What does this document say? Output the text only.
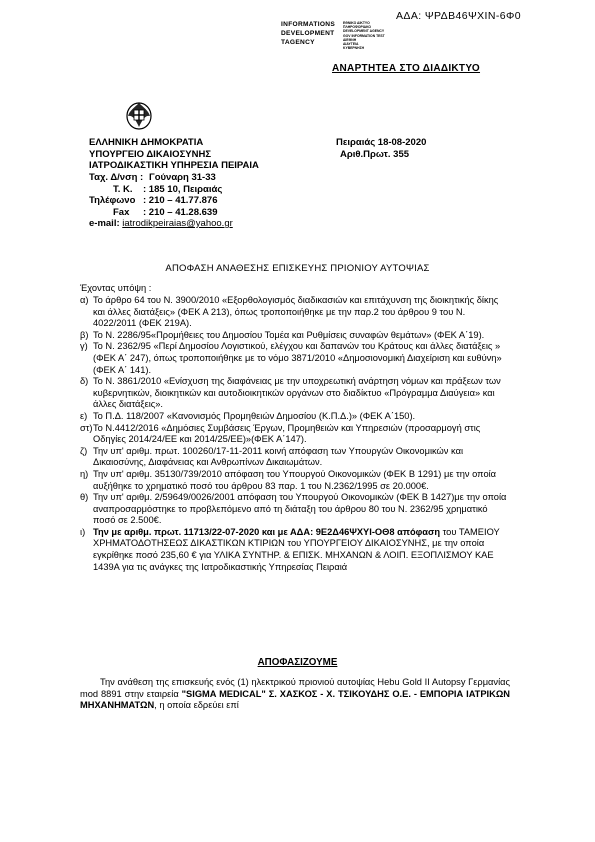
ΑΔΑ: ΨΡΔΒ46ΨΧΙΝ-6Φ0
INFORMATIONS
DEVELOPMENT
TAGENCY
ΕΘΝΙΚΟ ΔΙΚΤΥΟ
ΠΛΗΡΟΦΟΡΙΑΚΟ
DEVELOPMENT AGENCY
GOV INFORMATION TEST
ΔΙΕΘΝΗ
ΔΙΑΥΓΕΙΑ
ΚΥΒΕΡΝΗΣΗ
ΑΝΑΡΤΗΤΕΑ ΣΤΟ ΔΙΑΔΙΚΤΥΟ
ΕΛΛΗΝΙΚΗ ΔΗΜΟΚΡΑΤΙΑ
ΥΠΟΥΡΓΕΙΟ ΔΙΚΑΙΟΣΥΝΗΣ
ΙΑΤΡΟΔΙΚΑΣΤΙΚΗ ΥΠΗΡΕΣΙΑ ΠΕΙΡΑΙΑ
Πειραιάς 18-08-2020
Αριθ.Πρωτ. 355
Ταχ. Δ/νση : Γούναρη 31-33
Τ. Κ. : 185 10, Πειραιάς
Τηλέφωνο : 210 – 41.77.876
Fax : 210 – 41.28.639
e-mail: iatrodikpeiraias@yahoo.gr
ΑΠΟΦΑΣΗ ΑΝΑΘΕΣΗΣ ΕΠΙΣΚΕΥΗΣ ΠΡΙΟΝΙΟΥ ΑΥΤΟΨΙΑΣ
Έχοντας υπόψη :
α) Το άρθρο 64 του Ν. 3900/2010 «Εξορθολογισμός διαδικασιών και επιτάχυνση της διοικητικής δίκης και άλλες διατάξεις» (ΦΕΚ Α 213), όπως τροποποιήθηκε με την παρ.2 του άρθρου 9 του Ν. 4022/2011 (ΦΕΚ 219Α).
β) Το Ν. 2286/95«Προμήθειες του Δημοσίου Τομέα και Ρυθμίσεις συναφών θεμάτων» (ΦΕΚ Α΄19).
γ) Το Ν. 2362/95 «Περί Δημοσίου Λογιστικού, ελέγχου και δαπανών του Κράτους και άλλες διατάξεις » (ΦΕΚ Α΄ 247), όπως τροποποιήθηκε με το νόμο 3871/2010 «Δημοσιονομική Διαχείριση και ευθύνη» (ΦΕΚ Α΄ 141).
δ) Το Ν. 3861/2010 «Ενίσχυση της διαφάνειας με την υποχρεωτική ανάρτηση νόμων και πράξεων των κυβερνητικών, διοικητικών και αυτοδιοικητικών οργάνων στο διαδίκτυο «Πρόγραμμα Διαύγεια» και άλλες διατάξεις».
ε) Το Π.Δ. 118/2007 «Κανονισμός Προμηθειών Δημοσίου (Κ.Π.Δ.)» (ΦΕΚ Α΄150).
στ) Το Ν.4412/2016 «Δημόσιες Συμβάσεις Έργων, Προμηθειών και Υπηρεσιών (προσαρμογή στις Οδηγίες 2014/24/ΕΕ και 2014/25/ΕΕ)»(ΦΕΚ Α΄147).
ζ) Την υπ' αριθμ. πρωτ. 100260/17-11-2011 κοινή απόφαση των Υπουργών Οικονομικών και Δικαιοσύνης, Διαφάνειας και Ανθρωπίνων Δικαιωμάτων.
η) Την υπ' αριθμ. 35130/739/2010 απόφαση του Υπουργού Οικονομικών (ΦΕΚ Β 1291) με την οποία αυξήθηκε το χρηματικό ποσό του άρθρου 83 παρ. 1 του Ν.2362/1995 σε 20.000€.
θ) Την υπ' αριθμ. 2/59649/0026/2001 απόφαση του Υπουργού Οικονομικών (ΦΕΚ Β 1427)με την οποία αναπροσαρμόστηκε το προβλεπόμενο από τη διάταξη του άρθρου 80 του Ν. 2362/95 χρηματικό ποσό σε 2.500€.
ι) Την με αριθμ. πρωτ. 11713/22-07-2020 και με ΑΔΑ: 9Ε2Δ46ΨΧΥΙ-ΟΘ8 απόφαση του ΤΑΜΕΙΟΥ ΧΡΗΜΑΤΟΔΟΤΗΣΕΩΣ ΔΙΚΑΣΤΙΚΩΝ ΚΤΙΡΙΩΝ του ΥΠΟΥΡΓΕΙΟΥ ΔΙΚΑΙΟΣΥΝΗΣ, με την οποία εγκρίθηκε ποσό 235,60 € για ΥΛΙΚΑ ΣΥΝΤΗΡ. & ΕΠΙΣΚ. ΜΗΧΑΝΩΝ & ΛΟΙΠ. ΕΞΟΠΛΙΣΜΟΥ ΚΑΕ 1439Α για τις ανάγκες της Ιατροδικαστικής Υπηρεσίας Πειραιά
ΑΠΟΦΑΣΙΖΟΥΜΕ
Την ανάθεση της επισκευής ενός (1) ηλεκτρικού πριονιού αυτοψίας Hebu Gold II Autopsy Γερμανίας mod 8891 στην εταιρεία "SIGMA MEDICAL" Σ. ΧΑΣΚΟΣ - Χ. ΤΣΙΚΟΥΔΗΣ Ο.Ε. - ΕΜΠΟΡΙΑ ΙΑΤΡΙΚΩΝ ΜΗΧΑΝΗΜΑΤΩΝ, η οποία εδρεύει επί
